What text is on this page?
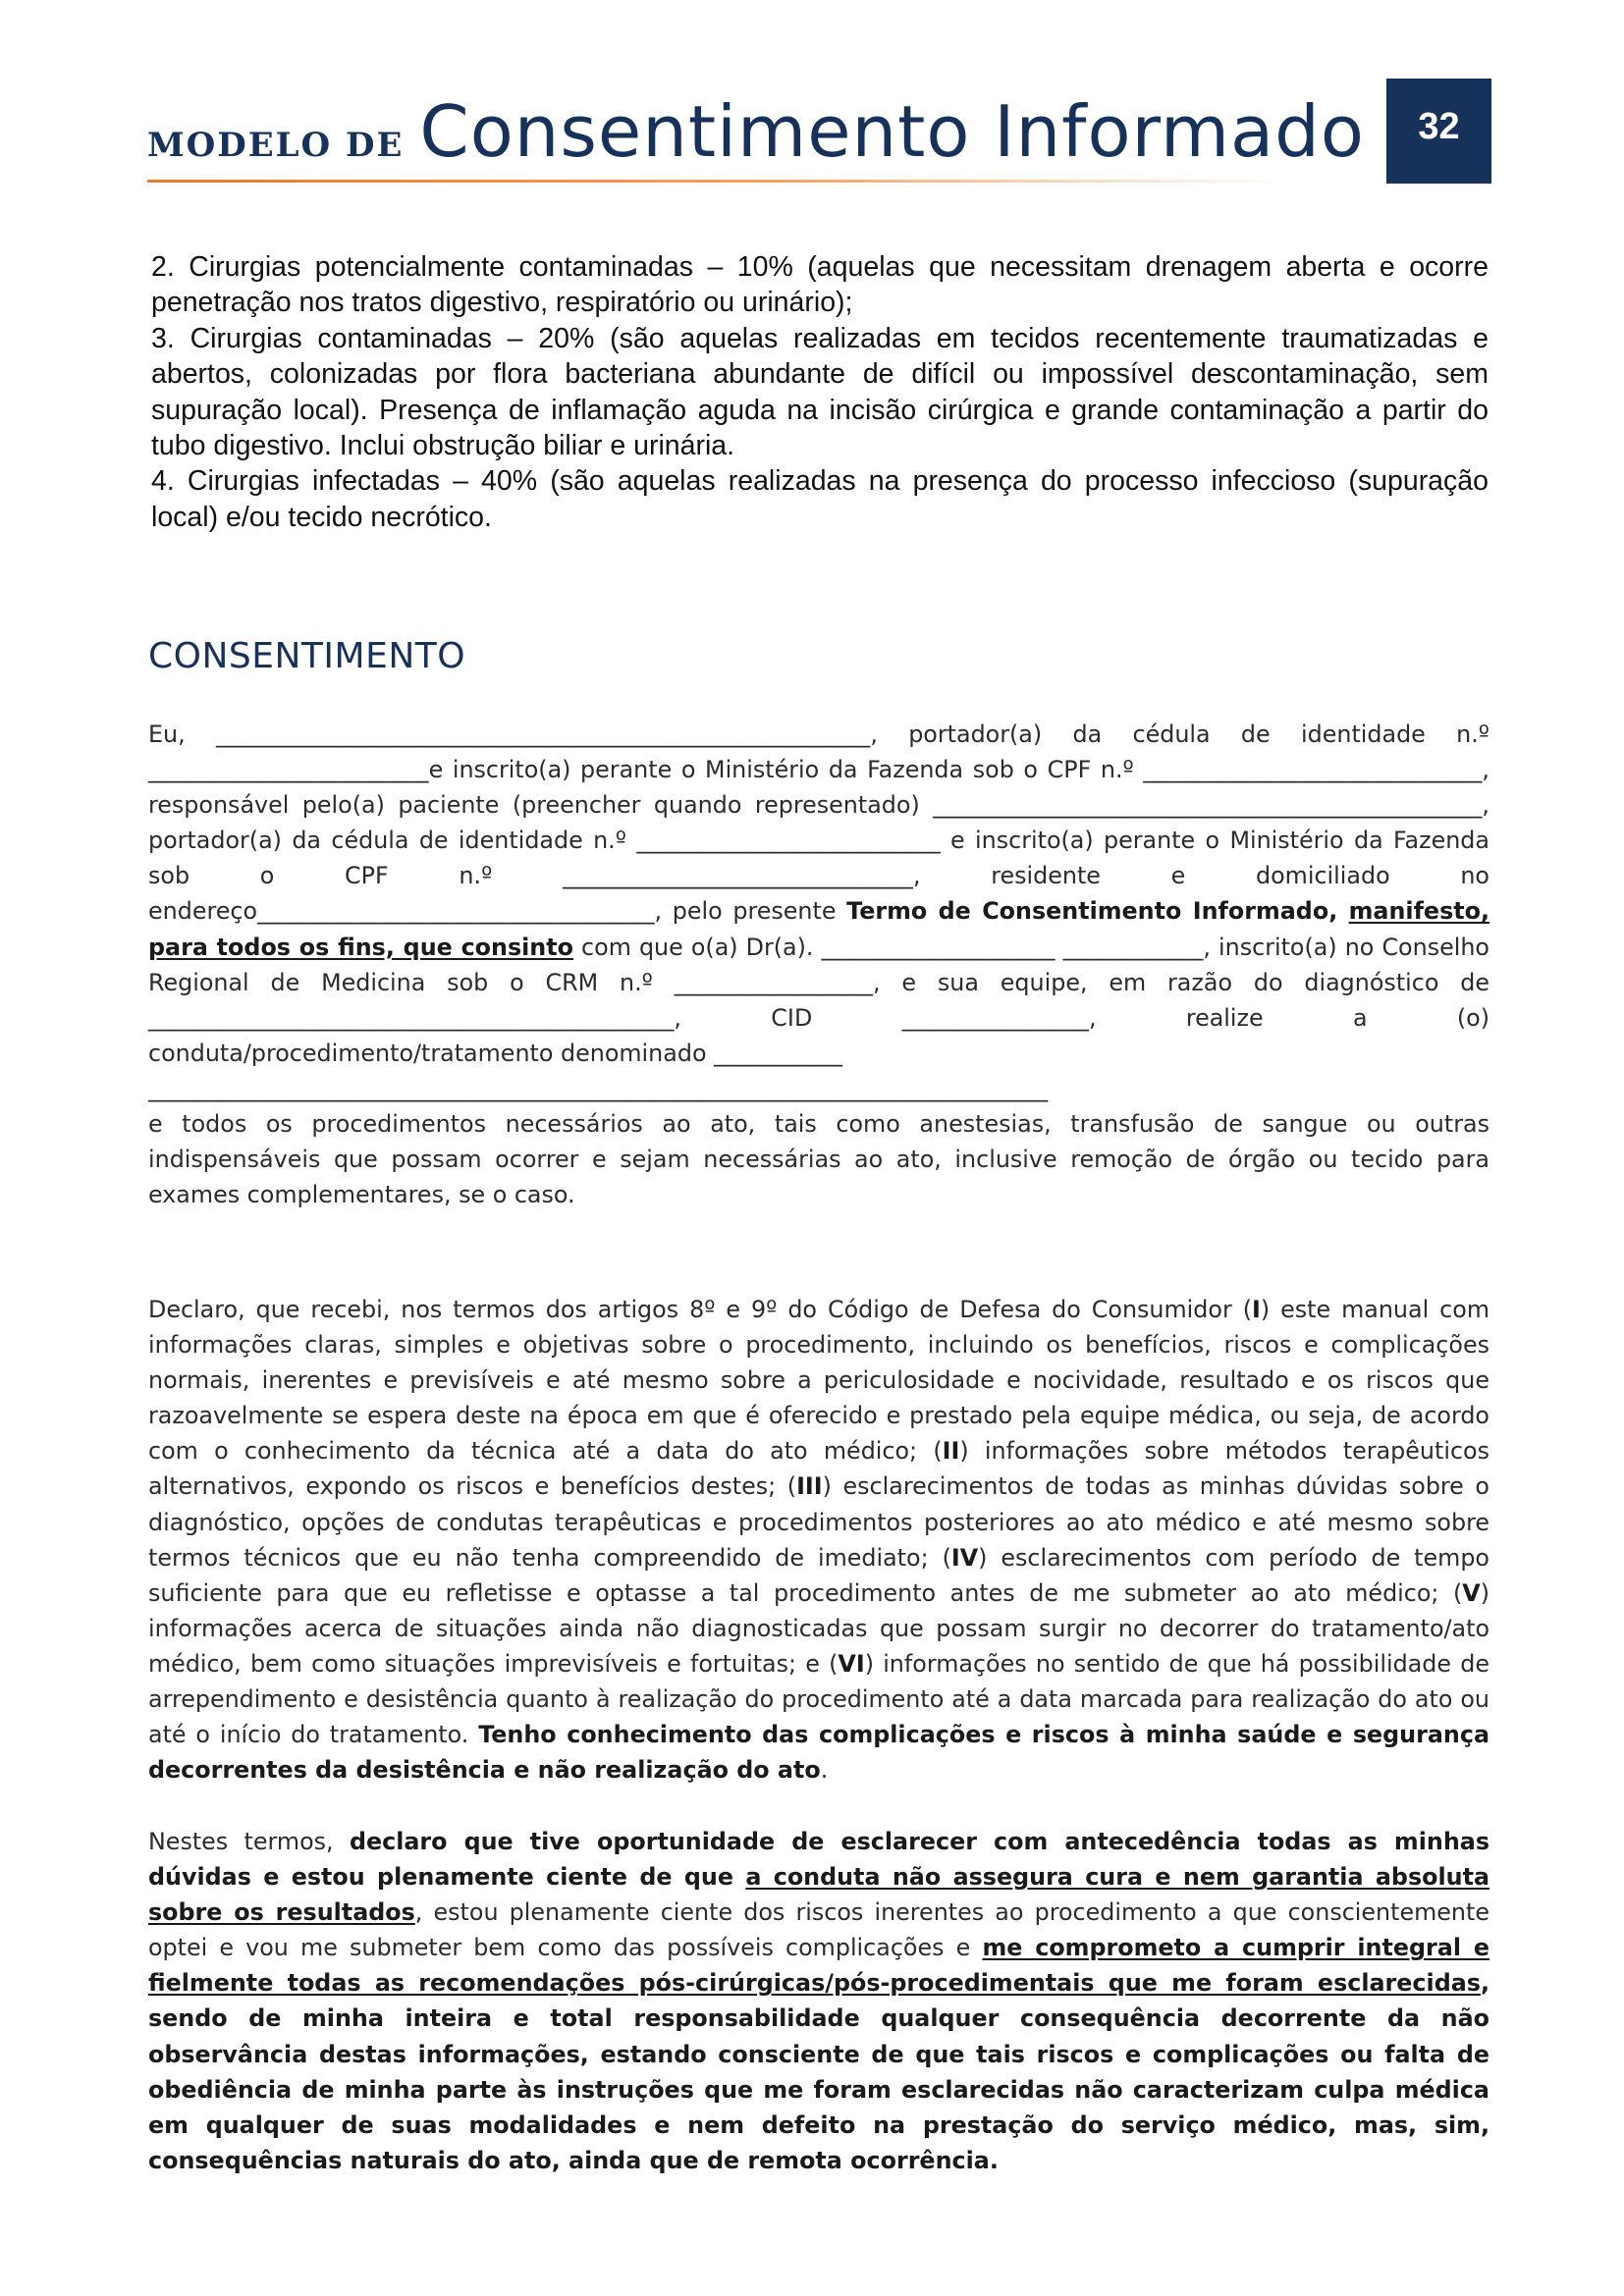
MODELO DE Consentimento Informado 32

2. Cirurgias potencialmente contaminadas – 10% (aquelas que necessitam drenagem aberta e ocorre penetração nos tratos digestivo, respiratório ou urinário);

3. Cirurgias contaminadas – 20% (são aquelas realizadas em tecidos recentemente traumatizadas e abertos, colonizadas por flora bacteriana abundante de difícil ou impossível descontaminação, sem supuração local). Presença de inflamação aguda na incisão cirúrgica e grande contaminação a partir do tubo digestivo. Inclui obstrução biliar e urinária.

4. Cirurgias infectadas – 40% (são aquelas realizadas na presença do processo infeccioso (supuração local) e/ou tecido necrótico.

CONSENTIMENTO

Eu, ________________________________________________________, portador(a) da cédula de identidade n.º ________________________e inscrito(a) perante o Ministério da Fazenda sob o CPF n.º _____________________________, responsável pelo(a) paciente (preencher quando representado) _______________________________________________, portador(a) da cédula de identidade n.º __________________________ e inscrito(a) perante o Ministério da Fazenda sob o CPF n.º ______________________________, residente e domiciliado no endereço__________________________________, pelo presente Termo de Consentimento Informado, manifesto, para todos os fins, que consinto com que o(a) Dr(a). ____________________ ____________, inscrito(a) no Conselho Regional de Medicina sob o CRM n.º _________________, e sua equipe, em razão do diagnóstico de _____________________________________________, CID ________________, realize a (o) conduta/procedimento/tratamento denominado ___________

_____________________________________________________________________________

e todos os procedimentos necessários ao ato, tais como anestesias, transfusão de sangue ou outras indispensáveis que possam ocorrer e sejam necessárias ao ato, inclusive remoção de órgão ou tecido para exames complementares, se o caso.

Declaro, que recebi, nos termos dos artigos 8º e 9º do Código de Defesa do Consumidor (I) este manual com informações claras, simples e objetivas sobre o procedimento, incluindo os benefícios, riscos e complicações normais, inerentes e previsíveis e até mesmo sobre a periculosidade e nocividade, resultado e os riscos que razoavelmente se espera deste na época em que é oferecido e prestado pela equipe médica, ou seja, de acordo com o conhecimento da técnica até a data do ato médico; (II) informações sobre métodos terapêuticos alternativos, expondo os riscos e benefícios destes; (III) esclarecimentos de todas as minhas dúvidas sobre o diagnóstico, opções de condutas terapêuticas e procedimentos posteriores ao ato médico e até mesmo sobre termos técnicos que eu não tenha compreendido de imediato; (IV) esclarecimentos com período de tempo suficiente para que eu refletisse e optasse a tal procedimento antes de me submeter ao ato médico; (V) informações acerca de situações ainda não diagnosticadas que possam surgir no decorrer do tratamento/ato médico, bem como situações imprevisíveis e fortuitas; e (VI) informações no sentido de que há possibilidade de arrependimento e desistência quanto à realização do procedimento até a data marcada para realização do ato ou até o início do tratamento. Tenho conhecimento das complicações e riscos à minha saúde e segurança decorrentes da desistência e não realização do ato.

Nestes termos, declaro que tive oportunidade de esclarecer com antecedência todas as minhas dúvidas e estou plenamente ciente de que a conduta não assegura cura e nem garantia absoluta sobre os resultados, estou plenamente ciente dos riscos inerentes ao procedimento a que conscientemente optei e vou me submeter bem como das possíveis complicações e me comprometo a cumprir integral e fielmente todas as recomendações pós-cirúrgicas/pós-procedimentais que me foram esclarecidas, sendo de minha inteira e total responsabilidade qualquer consequência decorrente da não observância destas informações, estando consciente de que tais riscos e complicações ou falta de obediência de minha parte às instruções que me foram esclarecidas não caracterizam culpa médica em qualquer de suas modalidades e nem defeito na prestação do serviço médico, mas, sim, consequências naturais do ato, ainda que de remota ocorrência.
